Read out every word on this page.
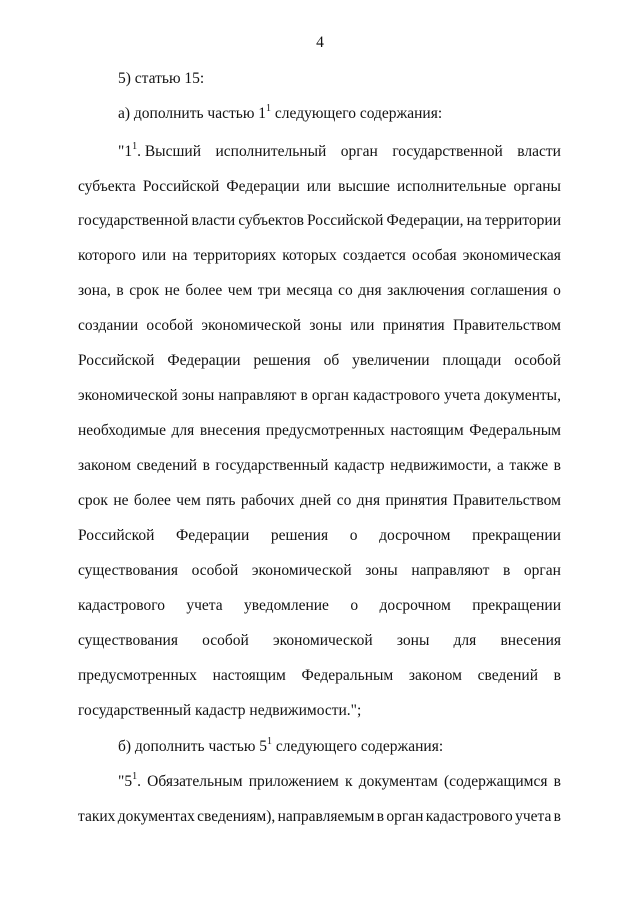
4
5) статью 15:
а) дополнить частью $1^1$ следующего содержания:
"$1^1$. Высший исполнительный орган государственной власти
субъекта Российской Федерации или высшие исполнительные органы
государственной власти субъектов Российской Федерации, на территории
которого или на территориях которых создается особая экономическая
зона, в срок не более чем три месяца со дня заключения соглашения о
создании особой экономической зоны или принятия Правительством
Российской Федерации решения об увеличении площади особой
экономической зоны направляют в орган кадастрового учета документы,
необходимые для внесения предусмотренных настоящим Федеральным
законом сведений в государственный кадастр недвижимости, а также в
срок не более чем пять рабочих дней со дня принятия Правительством
Российской Федерации решения о досрочном прекращении
существования особой экономической зоны направляют в орган
кадастрового учета уведомление о досрочном прекращении
существования особой экономической зоны для внесения
предусмотренных настоящим Федеральным законом сведений в
государственный кадастр недвижимости.";
б) дополнить частью $5^1$ следующего содержания:
"$5^1$. Обязательным приложением к документам (содержащимся в
таких документах сведениям), направляемым в орган кадастрового учета в
